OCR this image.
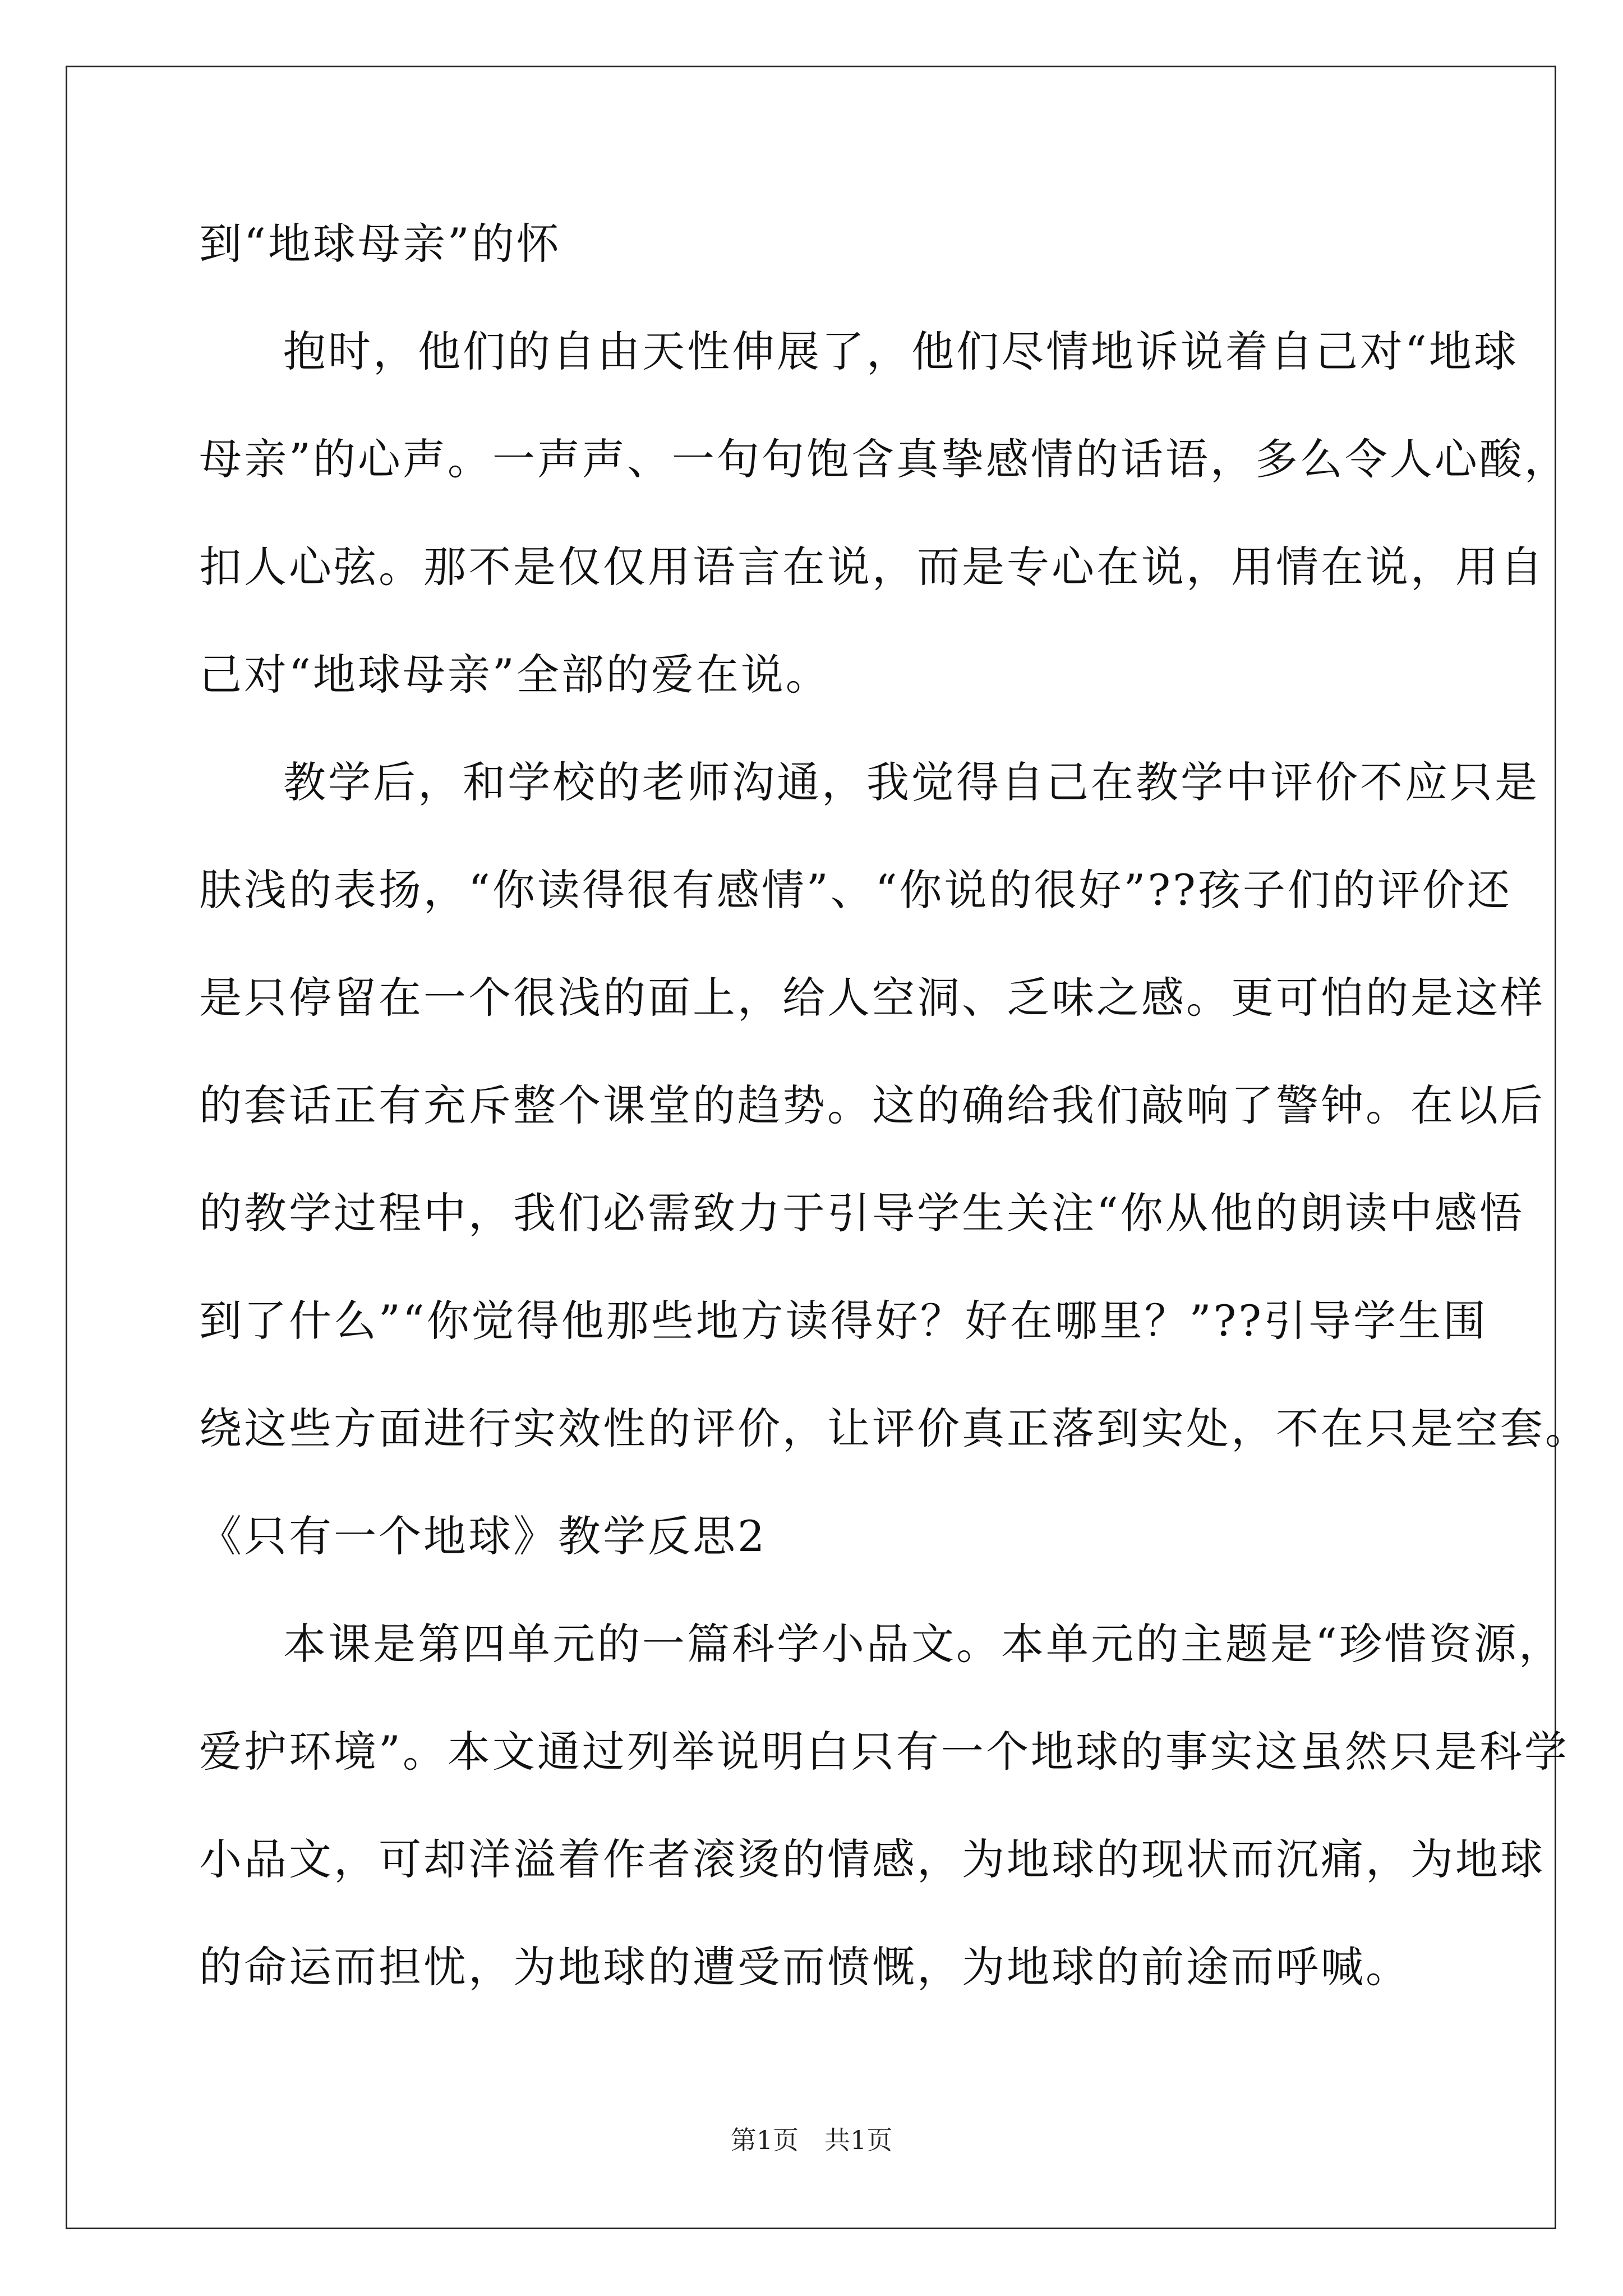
到“地球母亲”的怀
抱时，他们的自由天性伸展了，他们尽情地诉说着自己对“地球
母亲”的心声。一声声、一句句饱含真挚感情的话语，多么令人心酸，
扣人心弦。那不是仅仅用语言在说，而是专心在说，用情在说，用自
己对“地球母亲”全部的爱在说。
教学后，和学校的老师沟通，我觉得自己在教学中评价不应只是
肤浅的表扬，“你读得很有感情”、“你说的很好”??孩子们的评价还
是只停留在一个很浅的面上，给人空洞、乏味之感。更可怕的是这样
的套话正有充斥整个课堂的趋势。这的确给我们敲响了警钟。在以后
的教学过程中，我们必需致力于引导学生关注“你从他的朗读中感悟
到了什么”“你觉得他那些地方读得好？好在哪里？”??引导学生围
绕这些方面进行实效性的评价，让评价真正落到实处，不在只是空套。
《只有一个地球》教学反思2
本课是第四单元的一篇科学小品文。本单元的主题是“珍惜资源，
爱护环境”。本文通过列举说明白只有一个地球的事实这虽然只是科学
小品文，可却洋溢着作者滚烫的情感，为地球的现状而沉痛，为地球
的命运而担忧，为地球的遭受而愤慨，为地球的前途而呼喊。
第1页　共1页
